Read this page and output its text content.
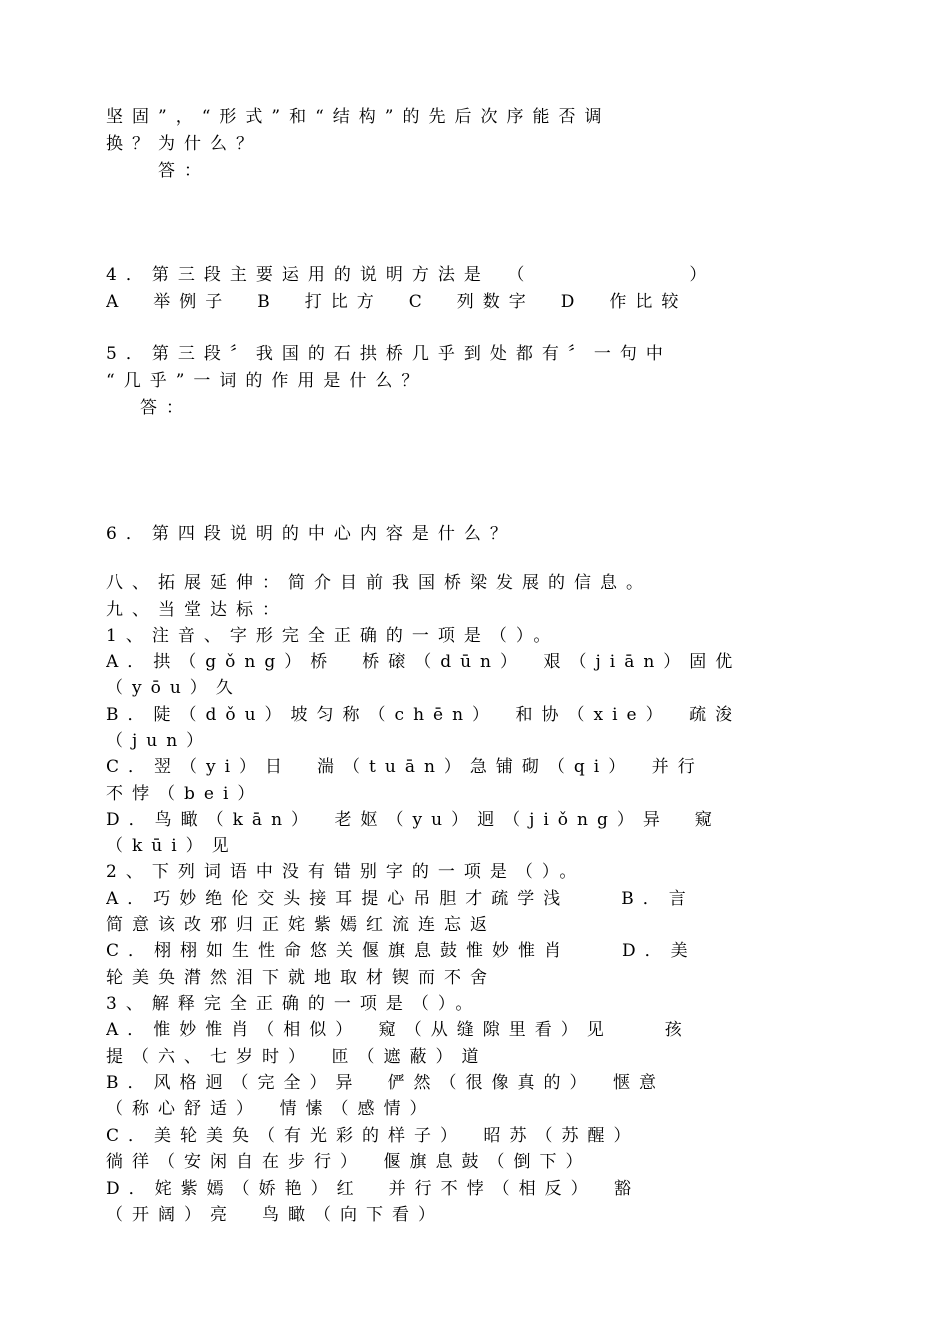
坚固”，“形式”和“结构”的先后次序能否调
换？为什么？
答：
4．第三段主要运用的说明方法是　（　　　　　　）
A　举例子　B　打比方　C　列数字　D　作比较
5．第三段〞我国的石拱桥几乎到处都有〞一句中
“几乎”一词的作用是什么？
答：
6．第四段说明的中心内容是什么？
八、拓展延伸：简介目前我国桥梁发展的信息。
九、当堂达标：
1、注音、字形完全正确的一项是（）。
A．拱（gǒng）桥　桥磙（dūn）　艰（jiān）固优
（yōu）久
B．陡（dǒu）坡匀称（chēn）　和协（xie）　疏浚
（jun）
C．翌（yi）日　湍（tuān）急铺砌（qi）　并行
不悖（bei）
D．鸟瞰（kān）　老妪（yu）迥（jiǒng）异　窥
（kūi）见
2、下列词语中没有错别字的一项是（）。
A．巧妙绝伦交头接耳提心吊胆才疏学浅　　B．言
简意该改邪归正姹紫嫣红流连忘返
C．栩栩如生性命悠关偃旗息鼓惟妙惟肖　　D．美
轮美奂潸然泪下就地取材锲而不舍
3、解释完全正确的一项是（）。
A．惟妙惟肖（相似）　窥（从缝隙里看）见　　孩
提（六、七岁时）　匝（遮蔽）道
B．风格迥（完全）异　俨然（很像真的）　惬意
（称心舒适）　情愫（感情）
C．美轮美奂（有光彩的样子）　昭苏（苏醒）
徜徉（安闲自在步行）　偃旗息鼓（倒下）
D．姹紫嫣（娇艳）红　并行不悖（相反）　豁
（开阔）亮　鸟瞰（向下看）
